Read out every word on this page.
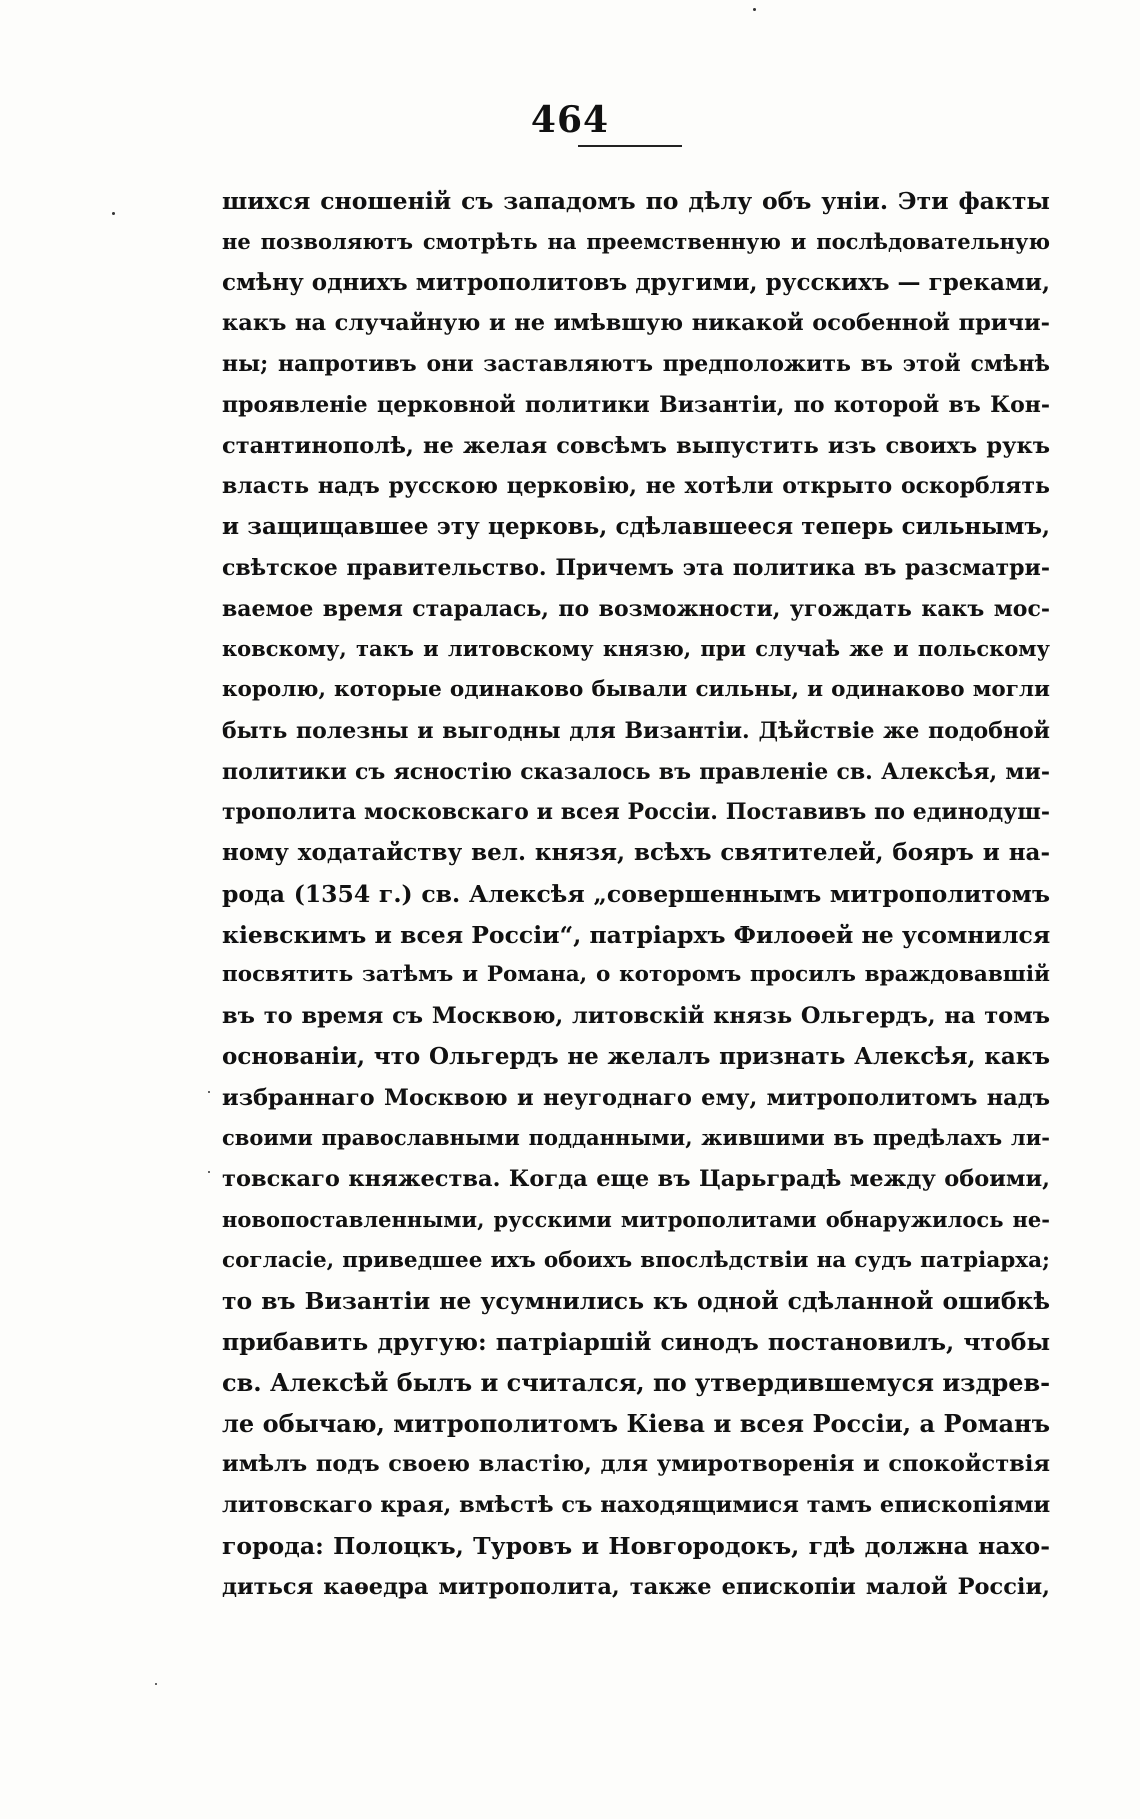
464
шихся сношеній съ западомъ по дѣлу объ уніи. Эти факты
не позволяютъ смотрѣть на преемственную и послѣдовательную
смѣну однихъ митрополитовъ другими, русскихъ — греками,
какъ на случайную и не имѣвшую никакой особенной причи-
ны; напротивъ они заставляютъ предположить въ этой смѣнѣ
проявленіе церковной политики Византіи, по которой въ Кон-
стантинополѣ, не желая совсѣмъ выпустить изъ своихъ рукъ
власть надъ русскою церковію, не хотѣли открыто оскорблять
и защищавшее эту церковь, сдѣлавшееся теперь сильнымъ,
свѣтское правительство. Причемъ эта политика въ разсматри-
ваемое время старалась, по возможности, угождать какъ мос-
ковскому, такъ и литовскому князю, при случаѣ же и польскому
королю, которые одинаково бывали сильны, и одинаково могли
быть полезны и выгодны для Византіи. Дѣйствіе же подобной
политики съ ясностію сказалось въ правленіе св. Алексѣя, ми-
трополита московскаго и всея Россіи. Поставивъ по единодуш-
ному ходатайству вел. князя, всѣхъ святителей, бояръ и на-
рода (1354 г.) св. Алексѣя „совершеннымъ митрополитомъ
кіевскимъ и всея Россіи“, патріархъ Филоѳей не усомнился
посвятить затѣмъ и Романа, о которомъ просилъ враждовавшій
въ то время съ Москвою, литовскій князь Ольгердъ, на томъ
основаніи, что Ольгердъ не желалъ признать Алексѣя, какъ
избраннаго Москвою и неугоднаго ему, митрополитомъ надъ
своими православными подданными, жившими въ предѣлахъ ли-
товскаго княжества. Когда еще въ Царьградѣ между обоими,
новопоставленными, русскими митрополитами обнаружилось не-
согласіе, приведшее ихъ обоихъ впослѣдствіи на судъ патріарха;
то въ Византіи не усумнились къ одной сдѣланной ошибкѣ
прибавить другую: патріаршій синодъ постановилъ, чтобы
св. Алексѣй былъ и считался, по утвердившемуся издрев-
ле обычаю, митрополитомъ Кіева и всея Россіи, а Романъ
имѣлъ подъ своею властію, для умиротворенія и спокойствія
литовскаго края, вмѣстѣ съ находящимися тамъ епископіями
города: Полоцкъ, Туровъ и Новгородокъ, гдѣ должна нахо-
диться каѳедра митрополита, также епископіи малой Россіи,
